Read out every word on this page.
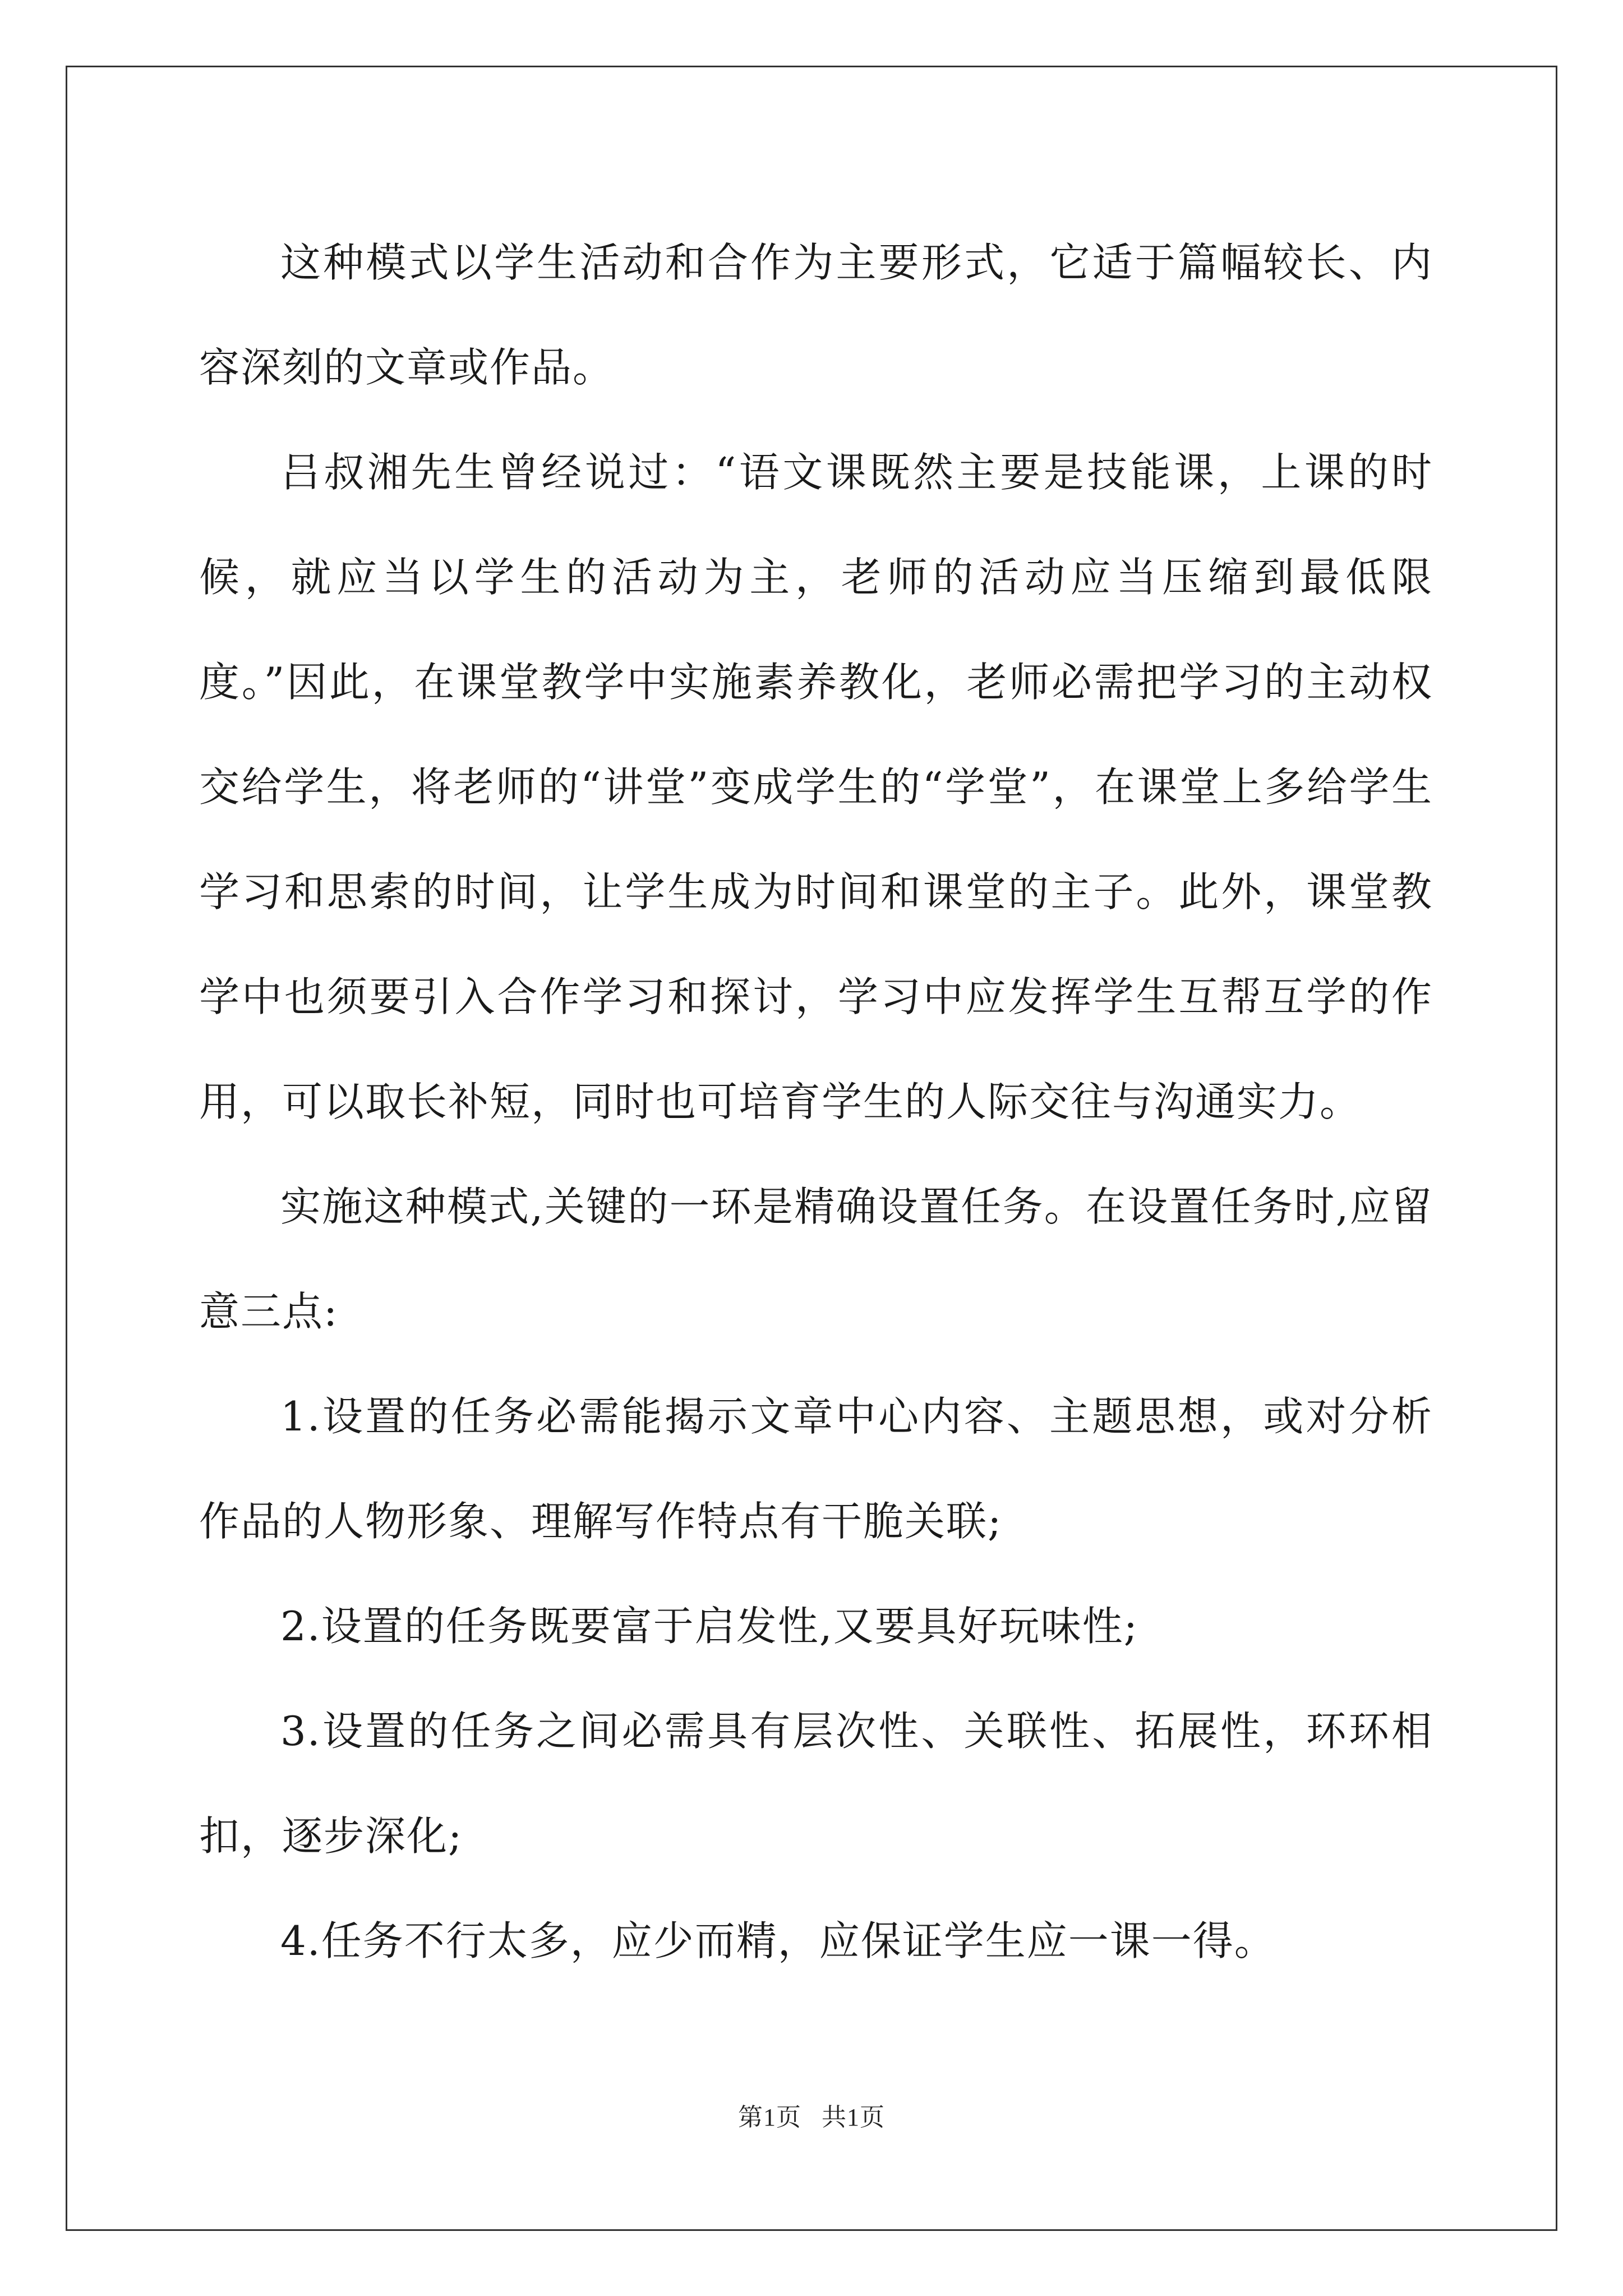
这种模式以学生活动和合作为主要形式，它适于篇幅较长、内容深刻的文章或作品。

吕叔湘先生曾经说过：“语文课既然主要是技能课，上课的时候，就应当以学生的活动为主，老师的活动应当压缩到最低限度。”因此，在课堂教学中实施素养教化，老师必需把学习的主动权交给学生，将老师的“讲堂”变成学生的“学堂”，在课堂上多给学生学习和思索的时间，让学生成为时间和课堂的主子。此外，课堂教学中也须要引入合作学习和探讨，学习中应发挥学生互帮互学的作用，可以取长补短，同时也可培育学生的人际交往与沟通实力。

实施这种模式,关键的一环是精确设置任务。在设置任务时,应留意三点:

1.设置的任务必需能揭示文章中心内容、主题思想，或对分析作品的人物形象、理解写作特点有干脆关联;

2.设置的任务既要富于启发性,又要具好玩味性;

3.设置的任务之间必需具有层次性、关联性、拓展性，环环相扣，逐步深化;

4.任务不行太多，应少而精，应保证学生应一课一得。

第1页   共1页
